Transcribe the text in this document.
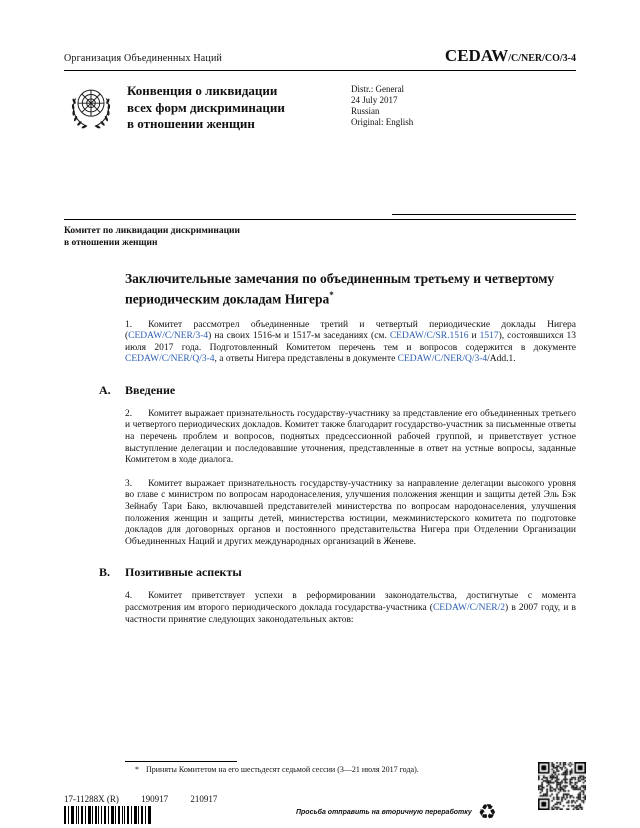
Организация Объединенных Наций	CEDAW/C/NER/CO/3-4
Конвенция о ликвидации
всех форм дискриминации
в отношении женщин
Distr.: General
24 July 2017
Russian
Original: English
Комитет по ликвидации дискриминации
в отношении женщин
Заключительные замечания по объединенным третьему и четвертому периодическим докладам Нигера*

1. Комитет рассмотрел объединенные третий и четвертый периодические доклады Нигера (CEDAW/C/NER/3-4) на своих 1516-м и 1517-м заседаниях (см. CEDAW/C/SR.1516 и 1517), состоявшихся 13 июля 2017 года. Подготовленный Комитетом перечень тем и вопросов содержится в документе CEDAW/C/NER/Q/3-4, а ответы Нигера представлены в документе CEDAW/C/NER/Q/3-4/Add.1.

A. Введение

2. Комитет выражает признательность государству-участнику за представление его объединенных третьего и четвертого периодических докладов. Комитет также благодарит государство-участник за письменные ответы на перечень проблем и вопросов, поднятых предсессионной рабочей группой, и приветствует устное выступление делегации и последовавшие уточнения, представленные в ответ на устные вопросы, заданные Комитетом в ходе диалога.

3. Комитет выражает признательность государству-участнику за направление делегации высокого уровня во главе с министром по вопросам народонаселения, улучшения положения женщин и защиты детей Эль Бэк Зейнабу Тари Бако, включавшей представителей министерства по вопросам народонаселения, улучшения положения женщин и защиты детей, министерства юстиции, межминистерского комитета по подготовке докладов для договорных органов и постоянного представительства Нигера при Отделении Организации Объединенных Наций и других международных организаций в Женеве.

B. Позитивные аспекты

4. Комитет приветствует успехи в реформировании законодательства, достигнутые с момента рассмотрения им второго периодического доклада государства-участника (CEDAW/C/NER/2) в 2007 году, и в частности принятие следующих законодательных актов:

* Приняты Комитетом на его шестьдесят седьмой сессии (3—21 июля 2017 года).
17-11288X (R) 190917 210917
Просьба отправить на вторичную переработку ♻
